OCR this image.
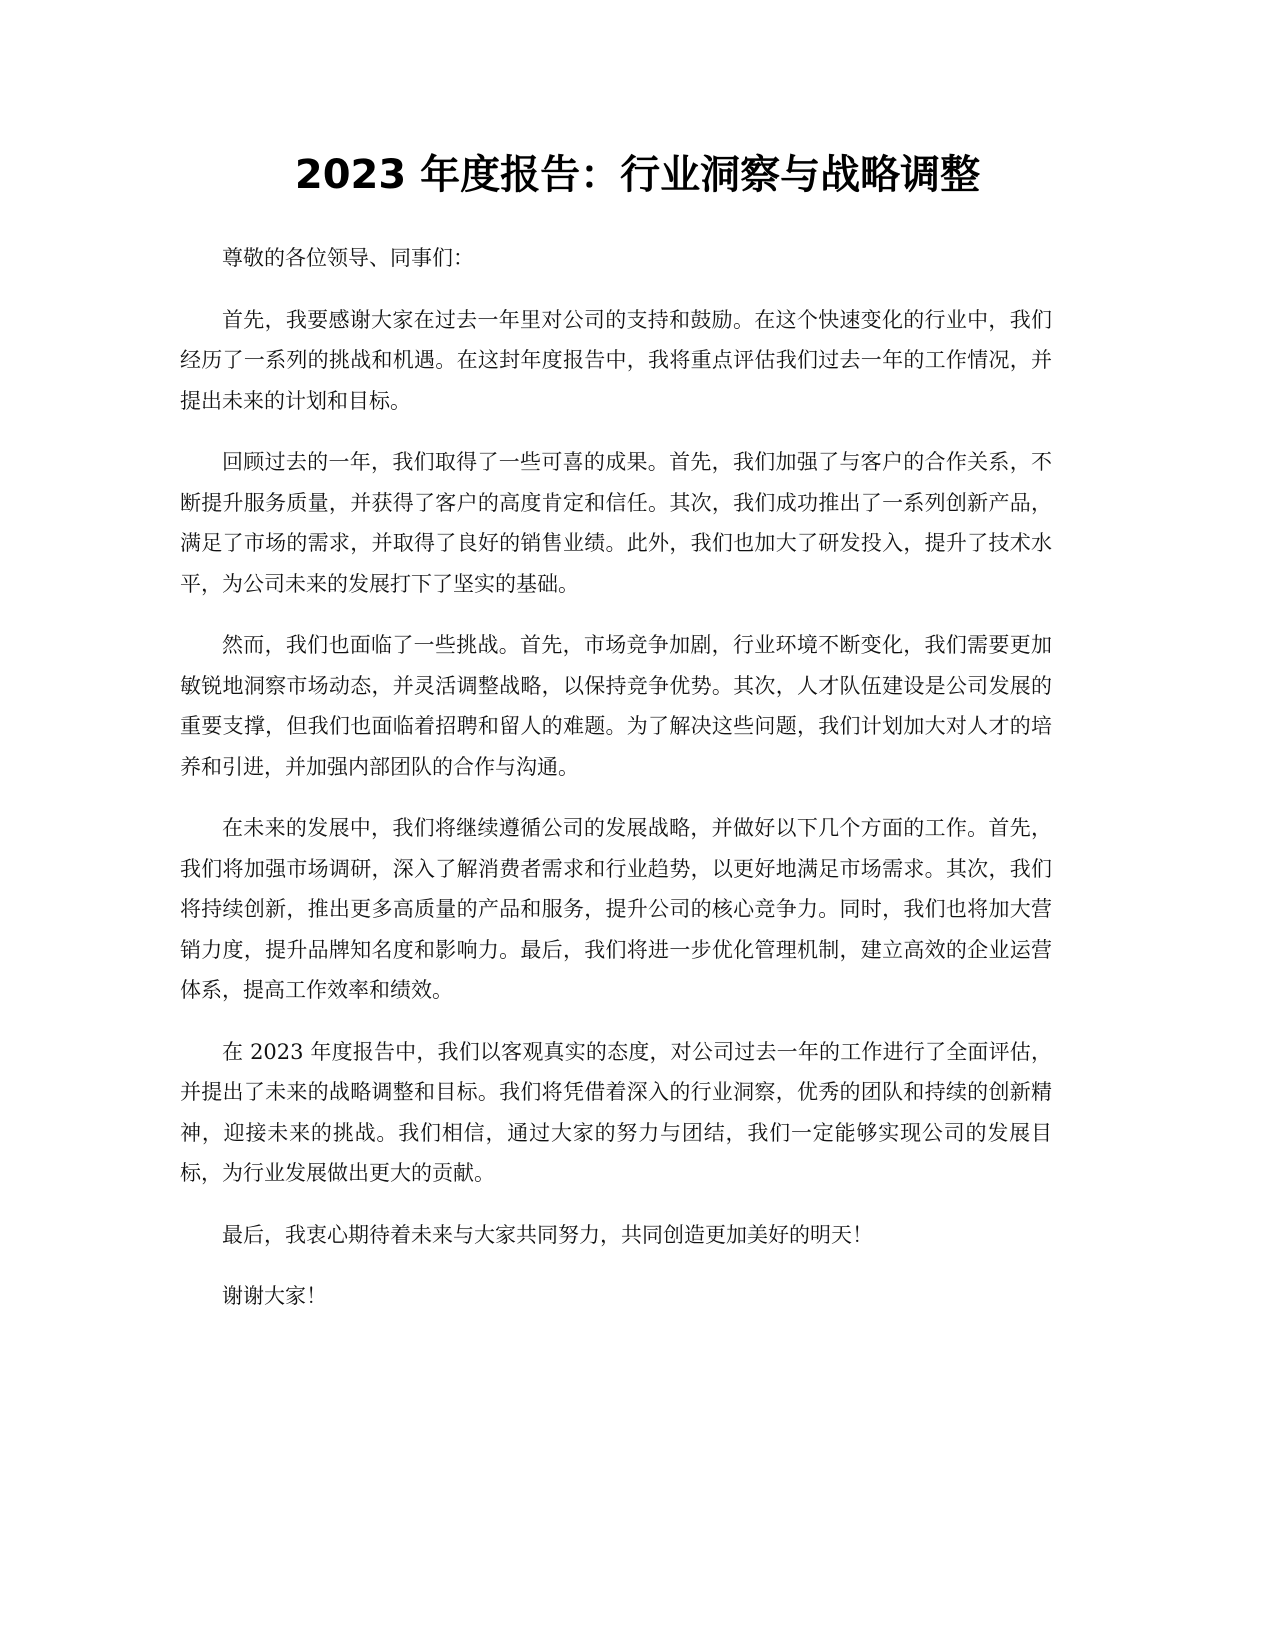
2023 年度报告：行业洞察与战略调整

尊敬的各位领导、同事们：

首先，我要感谢大家在过去一年里对公司的支持和鼓励。在这个快速变化的行业中，我们经历了一系列的挑战和机遇。在这封年度报告中，我将重点评估我们过去一年的工作情况，并提出未来的计划和目标。

回顾过去的一年，我们取得了一些可喜的成果。首先，我们加强了与客户的合作关系，不断提升服务质量，并获得了客户的高度肯定和信任。其次，我们成功推出了一系列创新产品，满足了市场的需求，并取得了良好的销售业绩。此外，我们也加大了研发投入，提升了技术水平，为公司未来的发展打下了坚实的基础。

然而，我们也面临了一些挑战。首先，市场竞争加剧，行业环境不断变化，我们需要更加敏锐地洞察市场动态，并灵活调整战略，以保持竞争优势。其次，人才队伍建设是公司发展的重要支撑，但我们也面临着招聘和留人的难题。为了解决这些问题，我们计划加大对人才的培养和引进，并加强内部团队的合作与沟通。

在未来的发展中，我们将继续遵循公司的发展战略，并做好以下几个方面的工作。首先，我们将加强市场调研，深入了解消费者需求和行业趋势，以更好地满足市场需求。其次，我们将持续创新，推出更多高质量的产品和服务，提升公司的核心竞争力。同时，我们也将加大营销力度，提升品牌知名度和影响力。最后，我们将进一步优化管理机制，建立高效的企业运营体系，提高工作效率和绩效。

在 2023 年度报告中，我们以客观真实的态度，对公司过去一年的工作进行了全面评估，并提出了未来的战略调整和目标。我们将凭借着深入的行业洞察，优秀的团队和持续的创新精神，迎接未来的挑战。我们相信，通过大家的努力与团结，我们一定能够实现公司的发展目标，为行业发展做出更大的贡献。

最后，我衷心期待着未来与大家共同努力，共同创造更加美好的明天！

谢谢大家！
